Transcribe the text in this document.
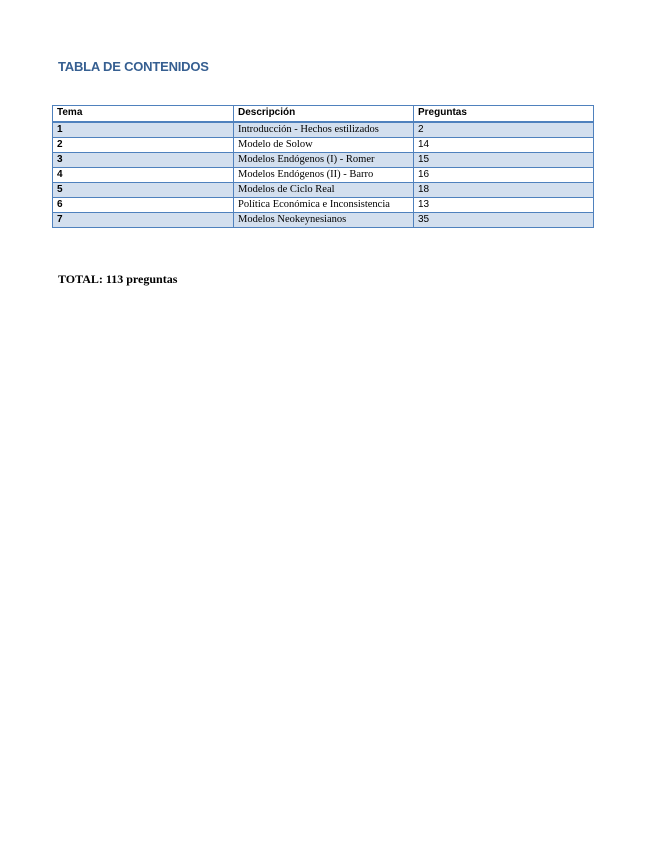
TABLA DE CONTENIDOS
Tema	Descripción	Preguntas
1	Introducción - Hechos estilizados	2
2	Modelo de Solow	14
3	Modelos Endógenos (I) - Romer	15
4	Modelos Endógenos (II) - Barro	16
5	Modelos de Ciclo Real	18
6	Política Económica e Inconsistencia	13
7	Modelos Neokeynesianos	35
TOTAL: 113 preguntas
